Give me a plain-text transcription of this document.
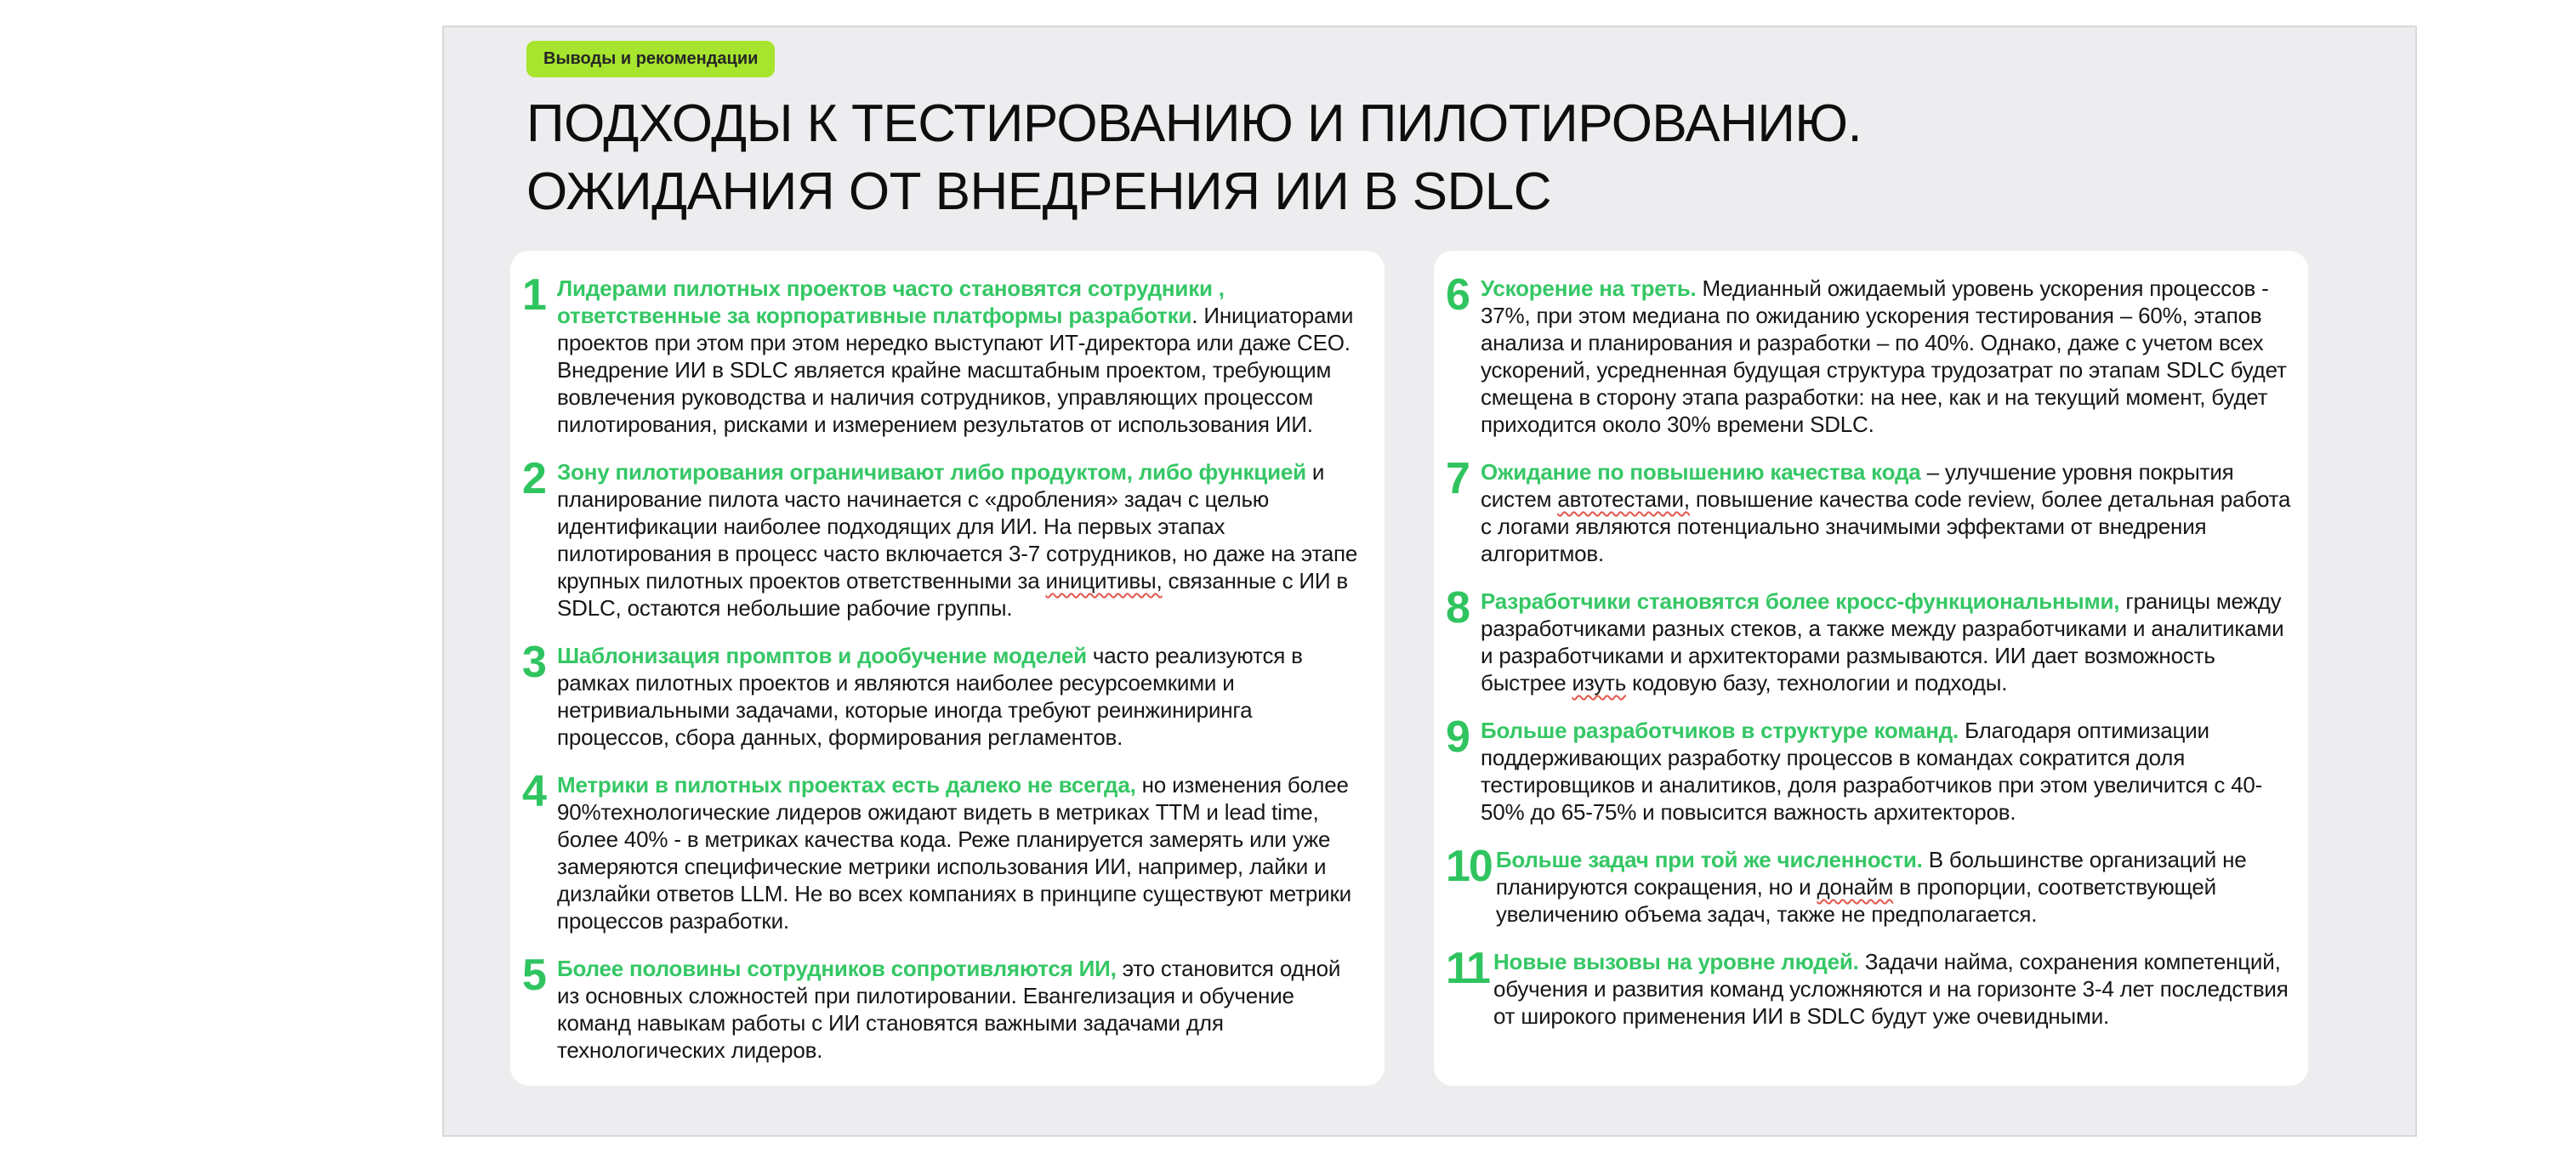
Выводы и рекомендации
ПОДХОДЫ К ТЕСТИРОВАНИЮ И ПИЛОТИРОВАНИЮ.
ОЖИДАНИЯ ОТ ВНЕДРЕНИЯ ИИ В SDLC
1 Лидерами пилотных проектов часто становятся сотрудники , ответственные за корпоративные платформы разработки. Инициаторами проектов при этом при этом нередко выступают ИТ-директора или даже CEO. Внедрение ИИ в SDLC является крайне масштабным проектом, требующим вовлечения руководства и наличия сотрудников, управляющих процессом пилотирования, рисками и измерением результатов от использования ИИ.
2 Зону пилотирования ограничивают либо продуктом, либо функцией и планирование пилота часто начинается с «дробления» задач с целью идентификации наиболее подходящих для ИИ. На первых этапах пилотирования в процесс часто включается 3-7 сотрудников, но даже на этапе крупных пилотных проектов ответственными за иницитивы, связанные с ИИ в SDLC, остаются небольшие рабочие группы.
3 Шаблонизация промптов и дообучение моделей часто реализуются в рамках пилотных проектов и являются наиболее ресурсоемкими и нетривиальными задачами, которые иногда требуют реинжиниринга процессов, сбора данных, формирования регламентов.
4 Метрики в пилотных проектах есть далеко не всегда, но изменения более 90%технологические лидеров ожидают видеть в метриках TTM и lead time, более 40% - в метриках качества кода. Реже планируется замерять или уже замеряются специфические метрики использования ИИ, например, лайки и дизлайки ответов LLM. Не во всех компаниях в принципе существуют метрики процессов разработки.
5 Более половины сотрудников сопротивляются ИИ, это становится одной из основных сложностей при пилотировании. Евангелизация и обучение команд навыкам работы с ИИ становятся важными задачами для технологических лидеров.
6 Ускорение на треть. Медианный ожидаемый уровень ускорения процессов - 37%, при этом медиана по ожиданию ускорения тестирования – 60%, этапов анализа и планирования и разработки – по 40%. Однако, даже с учетом всех ускорений, усредненная будущая структура трудозатрат по этапам SDLC будет смещена в сторону этапа разработки: на нее, как и на текущий момент, будет приходится около 30% времени SDLC.
7 Ожидание по повышению качества кода – улучшение уровня покрытия систем автотестами, повышение качества code review, более детальная работа с логами являются потенциально значимыми эффектами от внедрения алгоритмов.
8 Разработчики становятся более кросс-функциональными, границы между разработчиками разных стеков, а также между разработчиками и аналитиками и разработчиками и архитекторами размываются. ИИ дает возможность быстрее изуть кодовую базу, технологии и подходы.
9 Больше разработчиков в структуре команд. Благодаря оптимизации поддерживающих разработку процессов в командах сократится доля тестировщиков и аналитиков, доля разработчиков при этом увеличится с 40-50% до 65-75% и повысится важность архитекторов.
10 Больше задач при той же численности. В большинстве организаций не планируются сокращения, но и донайм в пропорции, соответствующей увеличению объема задач, также не предполагается.
11 Новые вызовы на уровне людей. Задачи найма, сохранения компетенций, обучения и развития команд усложняются и на горизонте 3-4 лет последствия от широкого применения ИИ в SDLC будут уже очевидными.
